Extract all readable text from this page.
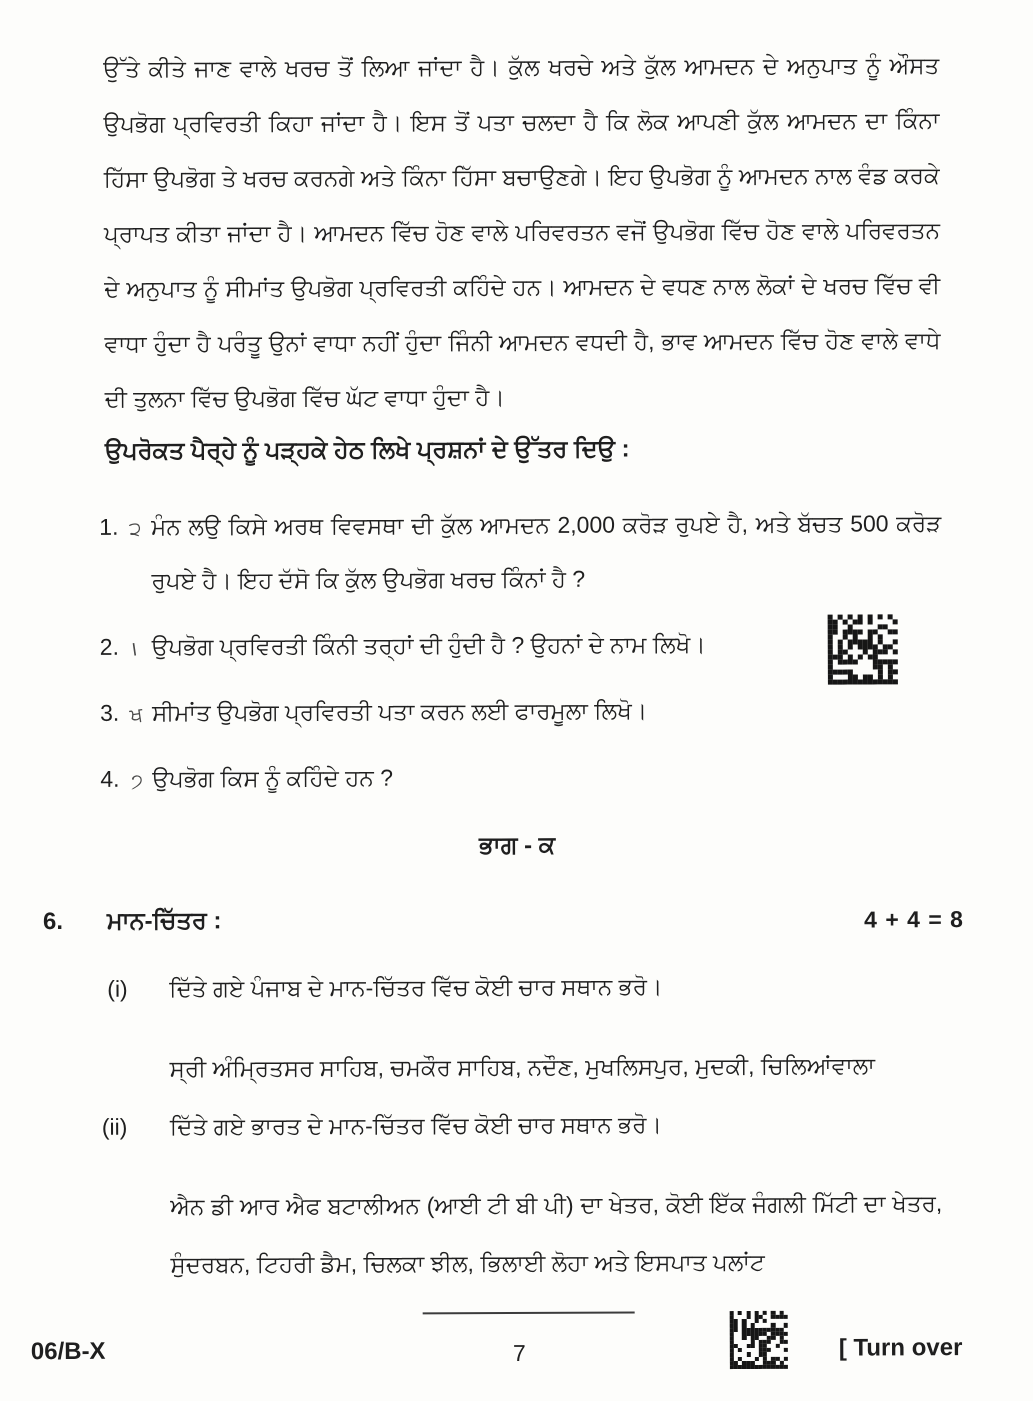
ਉੱਤੇ ਕੀਤੇ ਜਾਣ ਵਾਲੇ ਖਰਚ ਤੋਂ ਲਿਆ ਜਾਂਦਾ ਹੈ। ਕੁੱਲ ਖਰਚੇ ਅਤੇ ਕੁੱਲ ਆਮਦਨ ਦੇ ਅਨੁਪਾਤ ਨੂੰ ਔਸਤ ਉਪਭੋਗ ਪ੍ਰਵਿਰਤੀ ਕਿਹਾ ਜਾਂਦਾ ਹੈ। ਇਸ ਤੋਂ ਪਤਾ ਚਲਦਾ ਹੈ ਕਿ ਲੋਕ ਆਪਣੀ ਕੁੱਲ ਆਮਦਨ ਦਾ ਕਿੰਨਾ ਹਿੱਸਾ ਉਪਭੋਗ ਤੇ ਖਰਚ ਕਰਨਗੇ ਅਤੇ ਕਿੰਨਾ ਹਿੱਸਾ ਬਚਾਉਣਗੇ। ਇਹ ਉਪਭੋਗ ਨੂੰ ਆਮਦਨ ਨਾਲ ਵੰਡ ਕਰਕੇ ਪ੍ਰਾਪਤ ਕੀਤਾ ਜਾਂਦਾ ਹੈ। ਆਮਦਨ ਵਿੱਚ ਹੋਣ ਵਾਲੇ ਪਰਿਵਰਤਨ ਵਜੋਂ ਉਪਭੋਗ ਵਿੱਚ ਹੋਣ ਵਾਲੇ ਪਰਿਵਰਤਨ ਦੇ ਅਨੁਪਾਤ ਨੂੰ ਸੀਮਾਂਤ ਉਪਭੋਗ ਪ੍ਰਵਿਰਤੀ ਕਹਿੰਦੇ ਹਨ। ਆਮਦਨ ਦੇ ਵਧਣ ਨਾਲ ਲੋਕਾਂ ਦੇ ਖਰਚ ਵਿੱਚ ਵੀ ਵਾਧਾ ਹੁੰਦਾ ਹੈ ਪਰੰਤੂ ਉਨਾਂ ਵਾਧਾ ਨਹੀਂ ਹੁੰਦਾ ਜਿੰਨੀ ਆਮਦਨ ਵਧਦੀ ਹੈ, ਭਾਵ ਆਮਦਨ ਵਿੱਚ ਹੋਣ ਵਾਲੇ ਵਾਧੇ ਦੀ ਤੁਲਨਾ ਵਿੱਚ ਉਪਭੋਗ ਵਿੱਚ ਘੱਟ ਵਾਧਾ ਹੁੰਦਾ ਹੈ।
ਉਪਰੋਕਤ ਪੈਰ੍ਹੇ ਨੂੰ ਪੜ੍ਹਕੇ ਹੇਠ ਲਿਖੇ ਪ੍ਰਸ਼ਨਾਂ ਦੇ ਉੱਤਰ ਦਿਉ :
1. ੨ ਮੰਨ ਲਉ ਕਿਸੇ ਅਰਥ ਵਿਵਸਥਾ ਦੀ ਕੁੱਲ ਆਮਦਨ 2,000 ਕਰੋੜ ਰੁਪਏ ਹੈ, ਅਤੇ ਬੱਚਤ 500 ਕਰੋੜ ਰੁਪਏ ਹੈ। ਇਹ ਦੱਸੋ ਕਿ ਕੁੱਲ ਉਪਭੋਗ ਖਰਚ ਕਿੰਨਾਂ ਹੈ ?
2. । ਉਪਭੋਗ ਪ੍ਰਵਿਰਤੀ ਕਿੰਨੀ ਤਰ੍ਹਾਂ ਦੀ ਹੁੰਦੀ ਹੈ ? ਉਹਨਾਂ ਦੇ ਨਾਮ ਲਿਖੋ।
3. ਖ ਸੀਮਾਂਤ ਉਪਭੋਗ ਪ੍ਰਵਿਰਤੀ ਪਤਾ ਕਰਨ ਲਈ ਫਾਰਮੂਲਾ ਲਿਖੋ।
4. ੭ ਉਪਭੋਗ ਕਿਸ ਨੂੰ ਕਹਿੰਦੇ ਹਨ ?
ਭਾਗ - ਕ
6. ਮਾਨ-ਚਿੱਤਰ :	4 + 4 = 8
(i) ਦਿੱਤੇ ਗਏ ਪੰਜਾਬ ਦੇ ਮਾਨ-ਚਿੱਤਰ ਵਿੱਚ ਕੋਈ ਚਾਰ ਸਥਾਨ ਭਰੋ।
ਸ੍ਰੀ ਅੰਮ੍ਰਿਤਸਰ ਸਾਹਿਬ, ਚਮਕੌਰ ਸਾਹਿਬ, ਨਦੌਣ, ਮੁਖਲਿਸਪੁਰ, ਮੁਦਕੀ, ਚਿਲਿਆਂਵਾਲਾ
(ii) ਦਿੱਤੇ ਗਏ ਭਾਰਤ ਦੇ ਮਾਨ-ਚਿੱਤਰ ਵਿੱਚ ਕੋਈ ਚਾਰ ਸਥਾਨ ਭਰੋ।
ਐਨ ਡੀ ਆਰ ਐਫ ਬਟਾਲੀਅਨ (ਆਈ ਟੀ ਬੀ ਪੀ) ਦਾ ਖੇਤਰ, ਕੋਈ ਇੱਕ ਜੰਗਲੀ ਮਿੱਟੀ ਦਾ ਖੇਤਰ, ਸੁੰਦਰਬਨ, ਟਿਹਰੀ ਡੈਮ, ਚਿਲਕਾ ਝੀਲ, ਭਿਲਾਈ ਲੋਹਾ ਅਤੇ ਇਸਪਾਤ ਪਲਾਂਟ
06/B-X	7	[ Turn over
